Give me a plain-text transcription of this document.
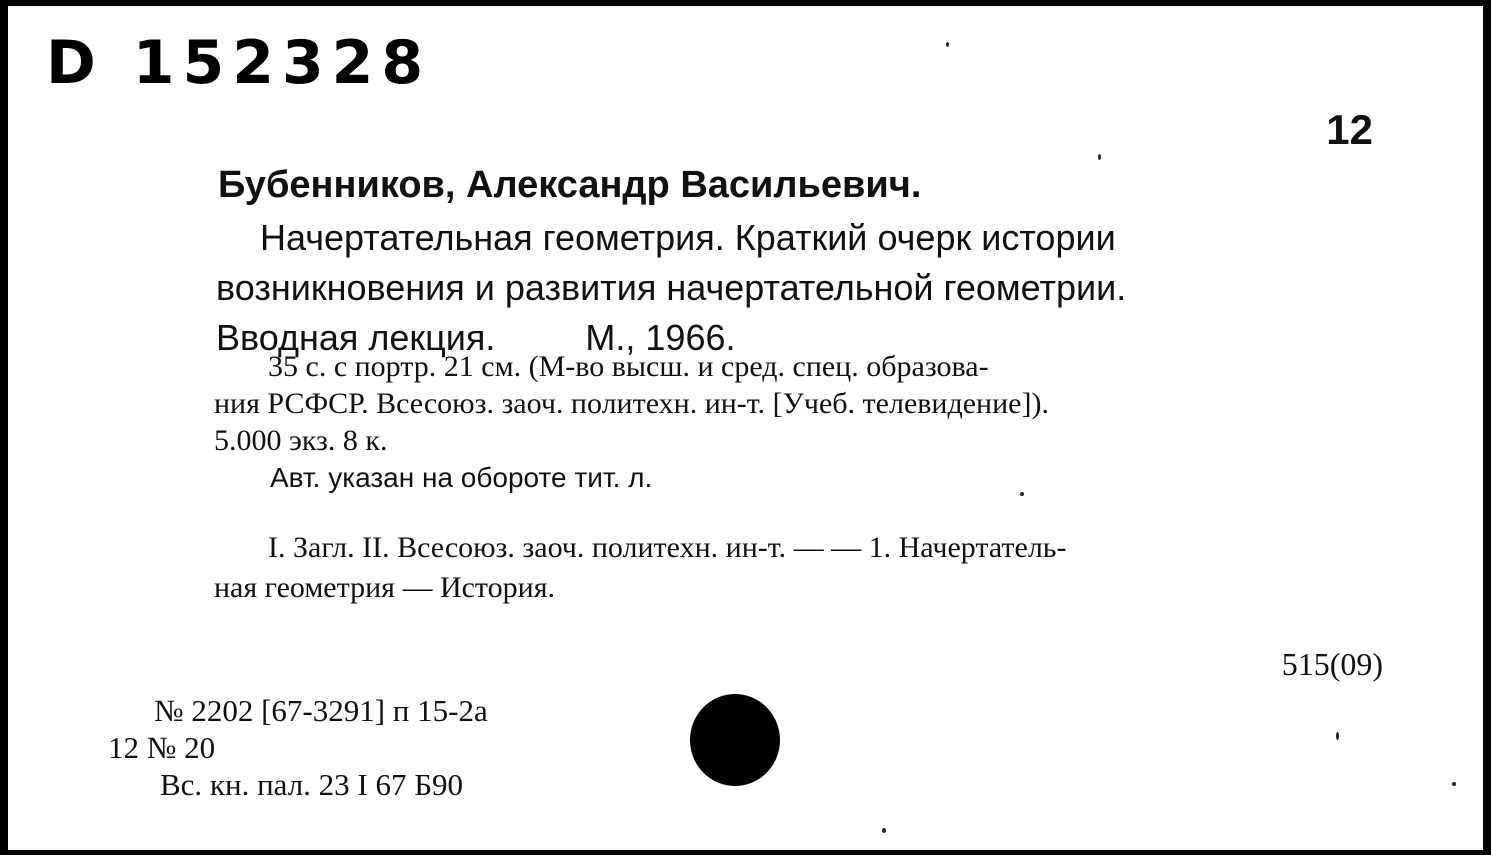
D 152328
12
Бубенников, Александр Васильевич.
Начертательная геометрия. Краткий очерк истории
возникновения и развития начертательной геометрии.
Вводная лекция.	М., 1966.
35 с. с портр. 21 см. (М-во высш. и сред. спец. образова-
ния РСФСР. Всесоюз. заоч. политехн. ин-т. [Учеб. телевидение]).
5.000 экз. 8 к.
Авт. указан на обороте тит. л.
I. Загл. II. Всесоюз. заоч. политехн. ин-т. — — 1. Начертатель-
ная геометрия — История.
515(09)
№ 2202 [67-3291] п 15-2а
12 № 20
Вс. кн. пал. 23 I 67 Б90
